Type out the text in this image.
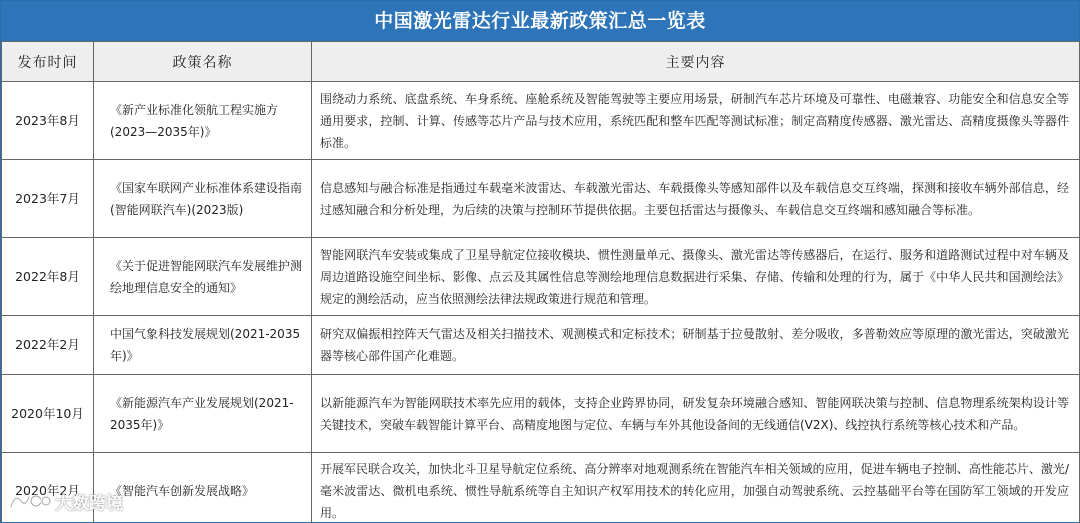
中国激光雷达行业最新政策汇总一览表
发布时间	政策名称	主要内容
2023年8月	《新产业标准化领航工程实施方(2023—2035年)》	围绕动力系统、底盘系统、车身系统、座舱系统及智能驾驶等主要应用场景，研制汽车芯片环境及可靠性、电磁兼容、功能安全和信息安全等通用要求，控制、计算、传感等芯片产品与技术应用，系统匹配和整车匹配等测试标准；制定高精度传感器、激光雷达、高精度摄像头等器件标准。
2023年7月	《国家车联网产业标准体系建设指南(智能网联汽车)(2023版)	信息感知与融合标准是指通过车载毫米波雷达、车载激光雷达、车载摄像头等感知部件以及车载信息交互终端，探测和接收车辆外部信息，经过感知融合和分析处理，为后续的决策与控制环节提供依据。主要包括雷达与摄像头、车载信息交互终端和感知融合等标准。
2022年8月	《关于促进智能网联汽车发展维护测绘地理信息安全的通知》	智能网联汽车安装或集成了卫星导航定位接收模块、惯性测量单元、摄像头、激光雷达等传感器后，在运行、服务和道路测试过程中对车辆及周边道路设施空间坐标、影像、点云及其属性信息等测绘地理信息数据进行采集、存储、传输和处理的行为，属于《中华人民共和国测绘法》规定的测绘活动，应当依照测绘法律法规政策进行规范和管理。
2022年2月	中国气象科技发展规划(2021-2035年)》	研究双偏振相控阵天气雷达及相关扫描技术、观测模式和定标技术；研制基于拉曼散射、差分吸收，多普勒效应等原理的激光雷达，突破激光器等核心部件国产化难题。
2020年10月	《新能源汽车产业发展规划(2021-2035年)》	以新能源汽车为智能网联技术率先应用的载体，支持企业跨界协同，研发复杂环境融合感知、智能网联决策与控制、信息物理系统架构设计等关键技术，突破车载智能计算平台、高精度地图与定位、车辆与车外其他设备间的无线通信(V2X)、线控执行系统等核心技术和产品。
2020年2月	《智能汽车创新发展战略》	开展军民联合攻关，加快北斗卫星导航定位系统、高分辨率对地观测系统在智能汽车相关领域的应用，促进车辆电子控制、高性能芯片、激光/毫米波雷达、微机电系统、惯性导航系统等自主知识产权军用技术的转化应用，加强自动驾驶系统、云控基础平台等在国防军工领域的开发应用。
大数跨境
